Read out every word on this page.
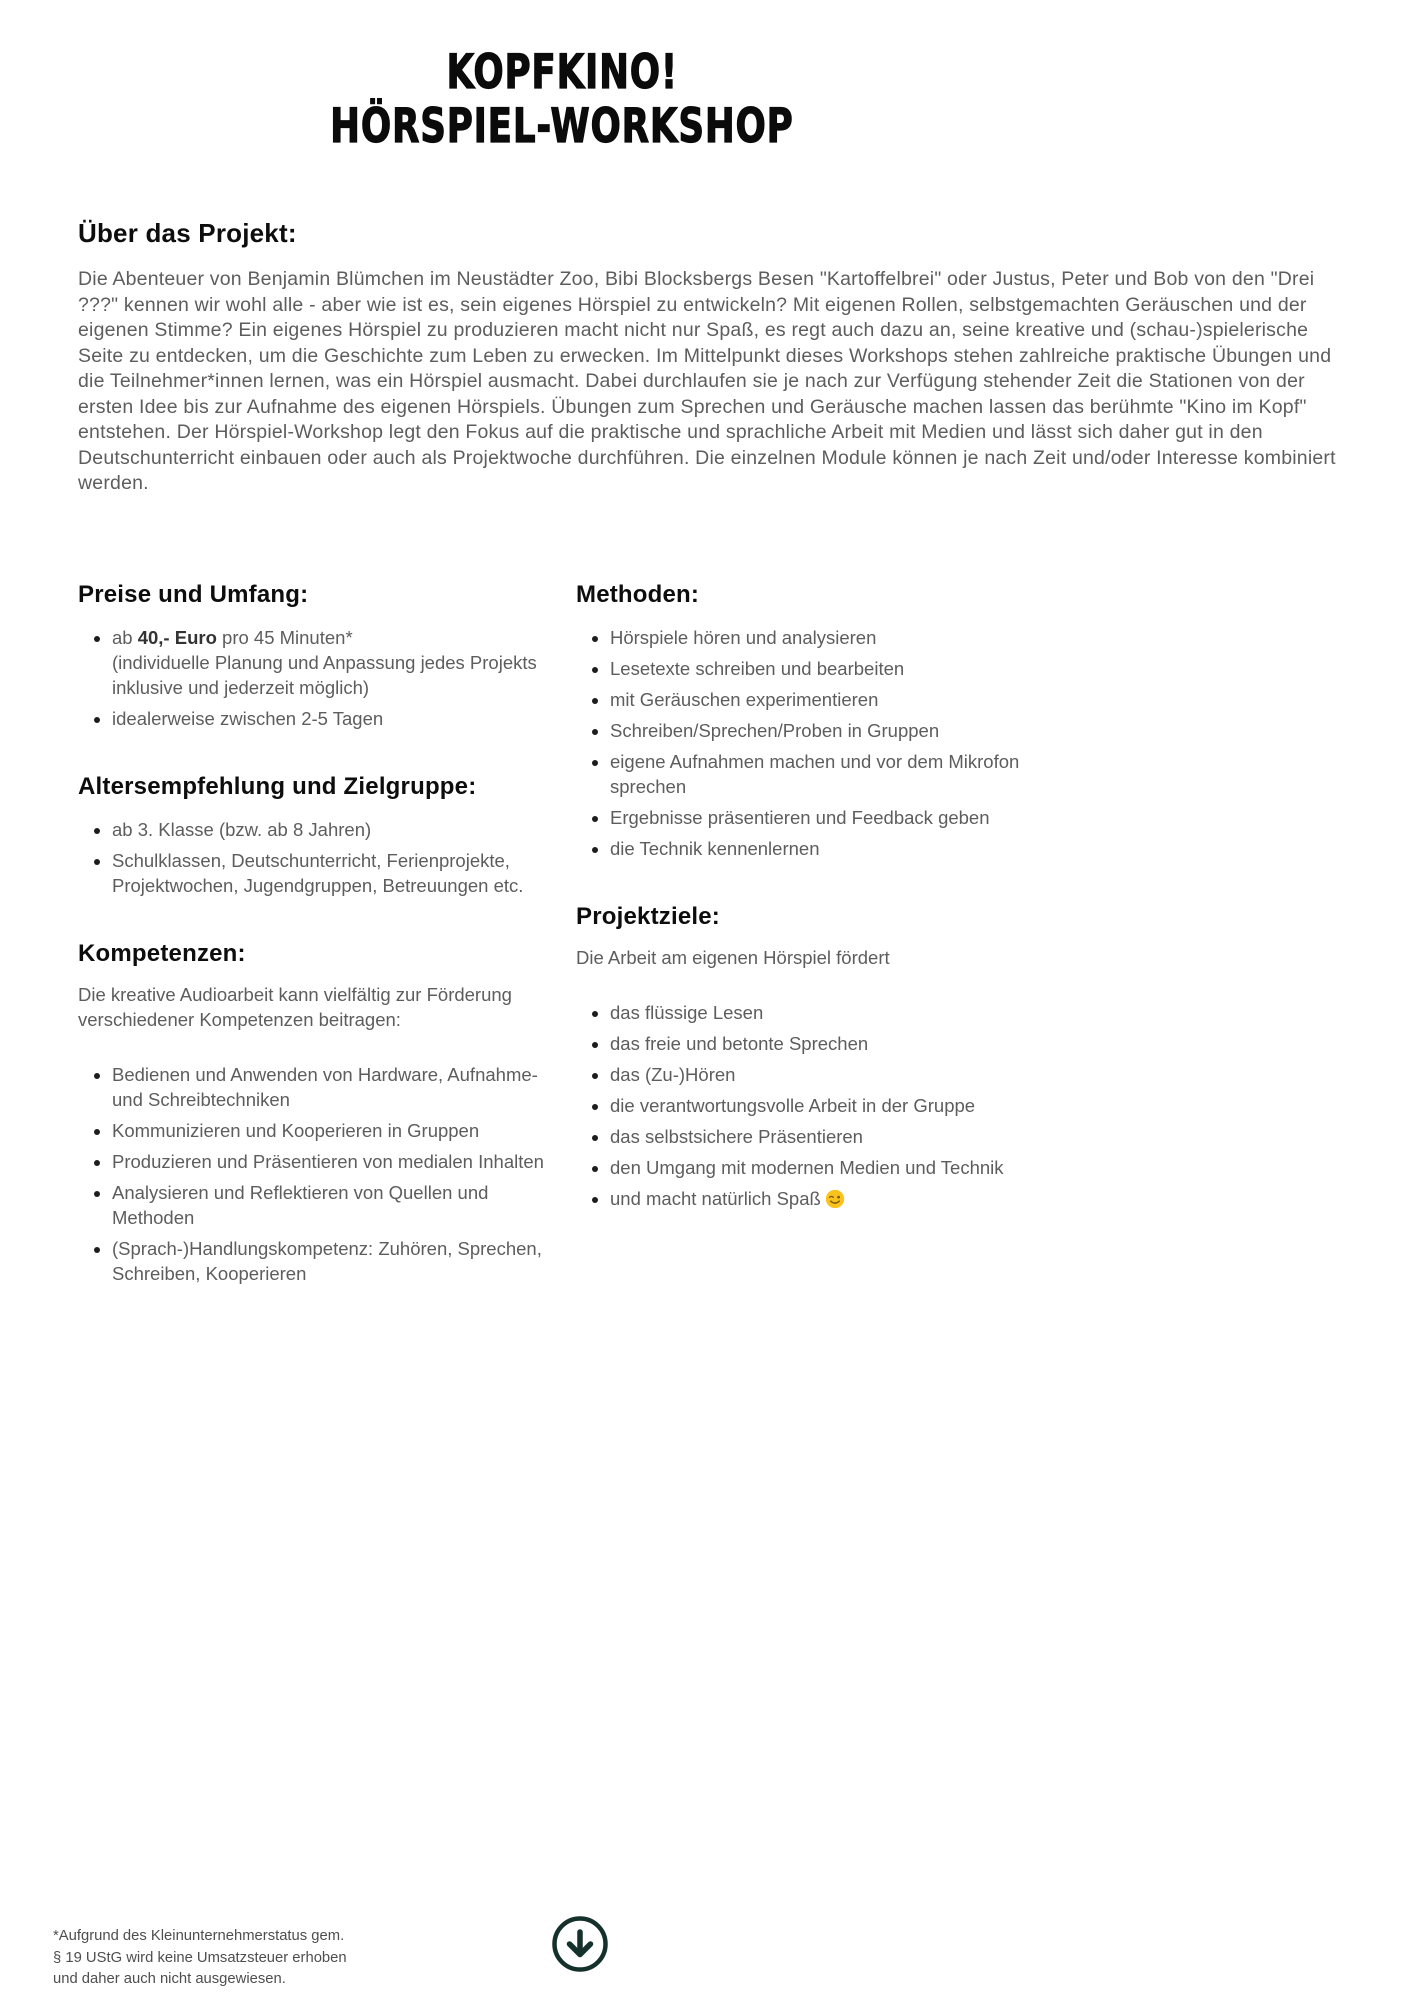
KOPFKINO!
HÖRSPIEL-WORKSHOP
Über das Projekt:

Die Abenteuer von Benjamin Blümchen im Neustädter Zoo, Bibi Blocksbergs Besen "Kartoffelbrei" oder Justus, Peter und Bob von den "Drei ???" kennen wir wohl alle - aber wie ist es, sein eigenes Hörspiel zu entwickeln? Mit eigenen Rollen, selbstgemachten Geräuschen und der eigenen Stimme? Ein eigenes Hörspiel zu produzieren macht nicht nur Spaß, es regt auch dazu an, seine kreative und (schau-)spielerische Seite zu entdecken, um die Geschichte zum Leben zu erwecken. Im Mittelpunkt dieses Workshops stehen zahlreiche praktische Übungen und die Teilnehmer*innen lernen, was ein Hörspiel ausmacht. Dabei durchlaufen sie je nach zur Verfügung stehender Zeit die Stationen von der ersten Idee bis zur Aufnahme des eigenen Hörspiels. Übungen zum Sprechen und Geräusche machen lassen das berühmte "Kino im Kopf" entstehen. Der Hörspiel-Workshop legt den Fokus auf die praktische und sprachliche Arbeit mit Medien und lässt sich daher gut in den Deutschunterricht einbauen oder auch als Projektwoche durchführen. Die einzelnen Module können je nach Zeit und/oder Interesse kombiniert werden.

Preise und Umfang:
• ab 40,- Euro pro 45 Minuten*
(individuelle Planung und Anpassung jedes Projekts inklusive und jederzeit möglich)
• idealerweise zwischen 2-5 Tagen
Altersempfehlung und Zielgruppe:
• ab 3. Klasse (bzw. ab 8 Jahren)
• Schulklassen, Deutschunterricht, Ferienprojekte, Projektwochen, Jugendgruppen, Betreuungen etc.
Kompetenzen:

Die kreative Audioarbeit kann vielfältig zur Förderung verschiedener Kompetenzen beitragen:

• Bedienen und Anwenden von Hardware, Aufnahme- und Schreibtechniken
• Kommunizieren und Kooperieren in Gruppen
• Produzieren und Präsentieren von medialen Inhalten
• Analysieren und Reflektieren von Quellen und Methoden
• (Sprach-)Handlungskompetenz: Zuhören, Sprechen, Schreiben, Kooperieren
Methoden:
• Hörspiele hören und analysieren
• Lesetexte schreiben und bearbeiten
• mit Geräuschen experimentieren
• Schreiben/Sprechen/Proben in Gruppen
• eigene Aufnahmen machen und vor dem Mikrofon sprechen
• Ergebnisse präsentieren und Feedback geben
• die Technik kennenlernen
Projektziele:

Die Arbeit am eigenen Hörspiel fördert

• das flüssige Lesen
• das freie und betonte Sprechen
• das (Zu-)Hören
• die verantwortungsvolle Arbeit in der Gruppe
• das selbstsichere Präsentieren
• den Umgang mit modernen Medien und Technik
• und macht natürlich Spaß
*Aufgrund des Kleinunternehmerstatus gem.
§ 19 UStG wird keine Umsatzsteuer erhoben
und daher auch nicht ausgewiesen.
